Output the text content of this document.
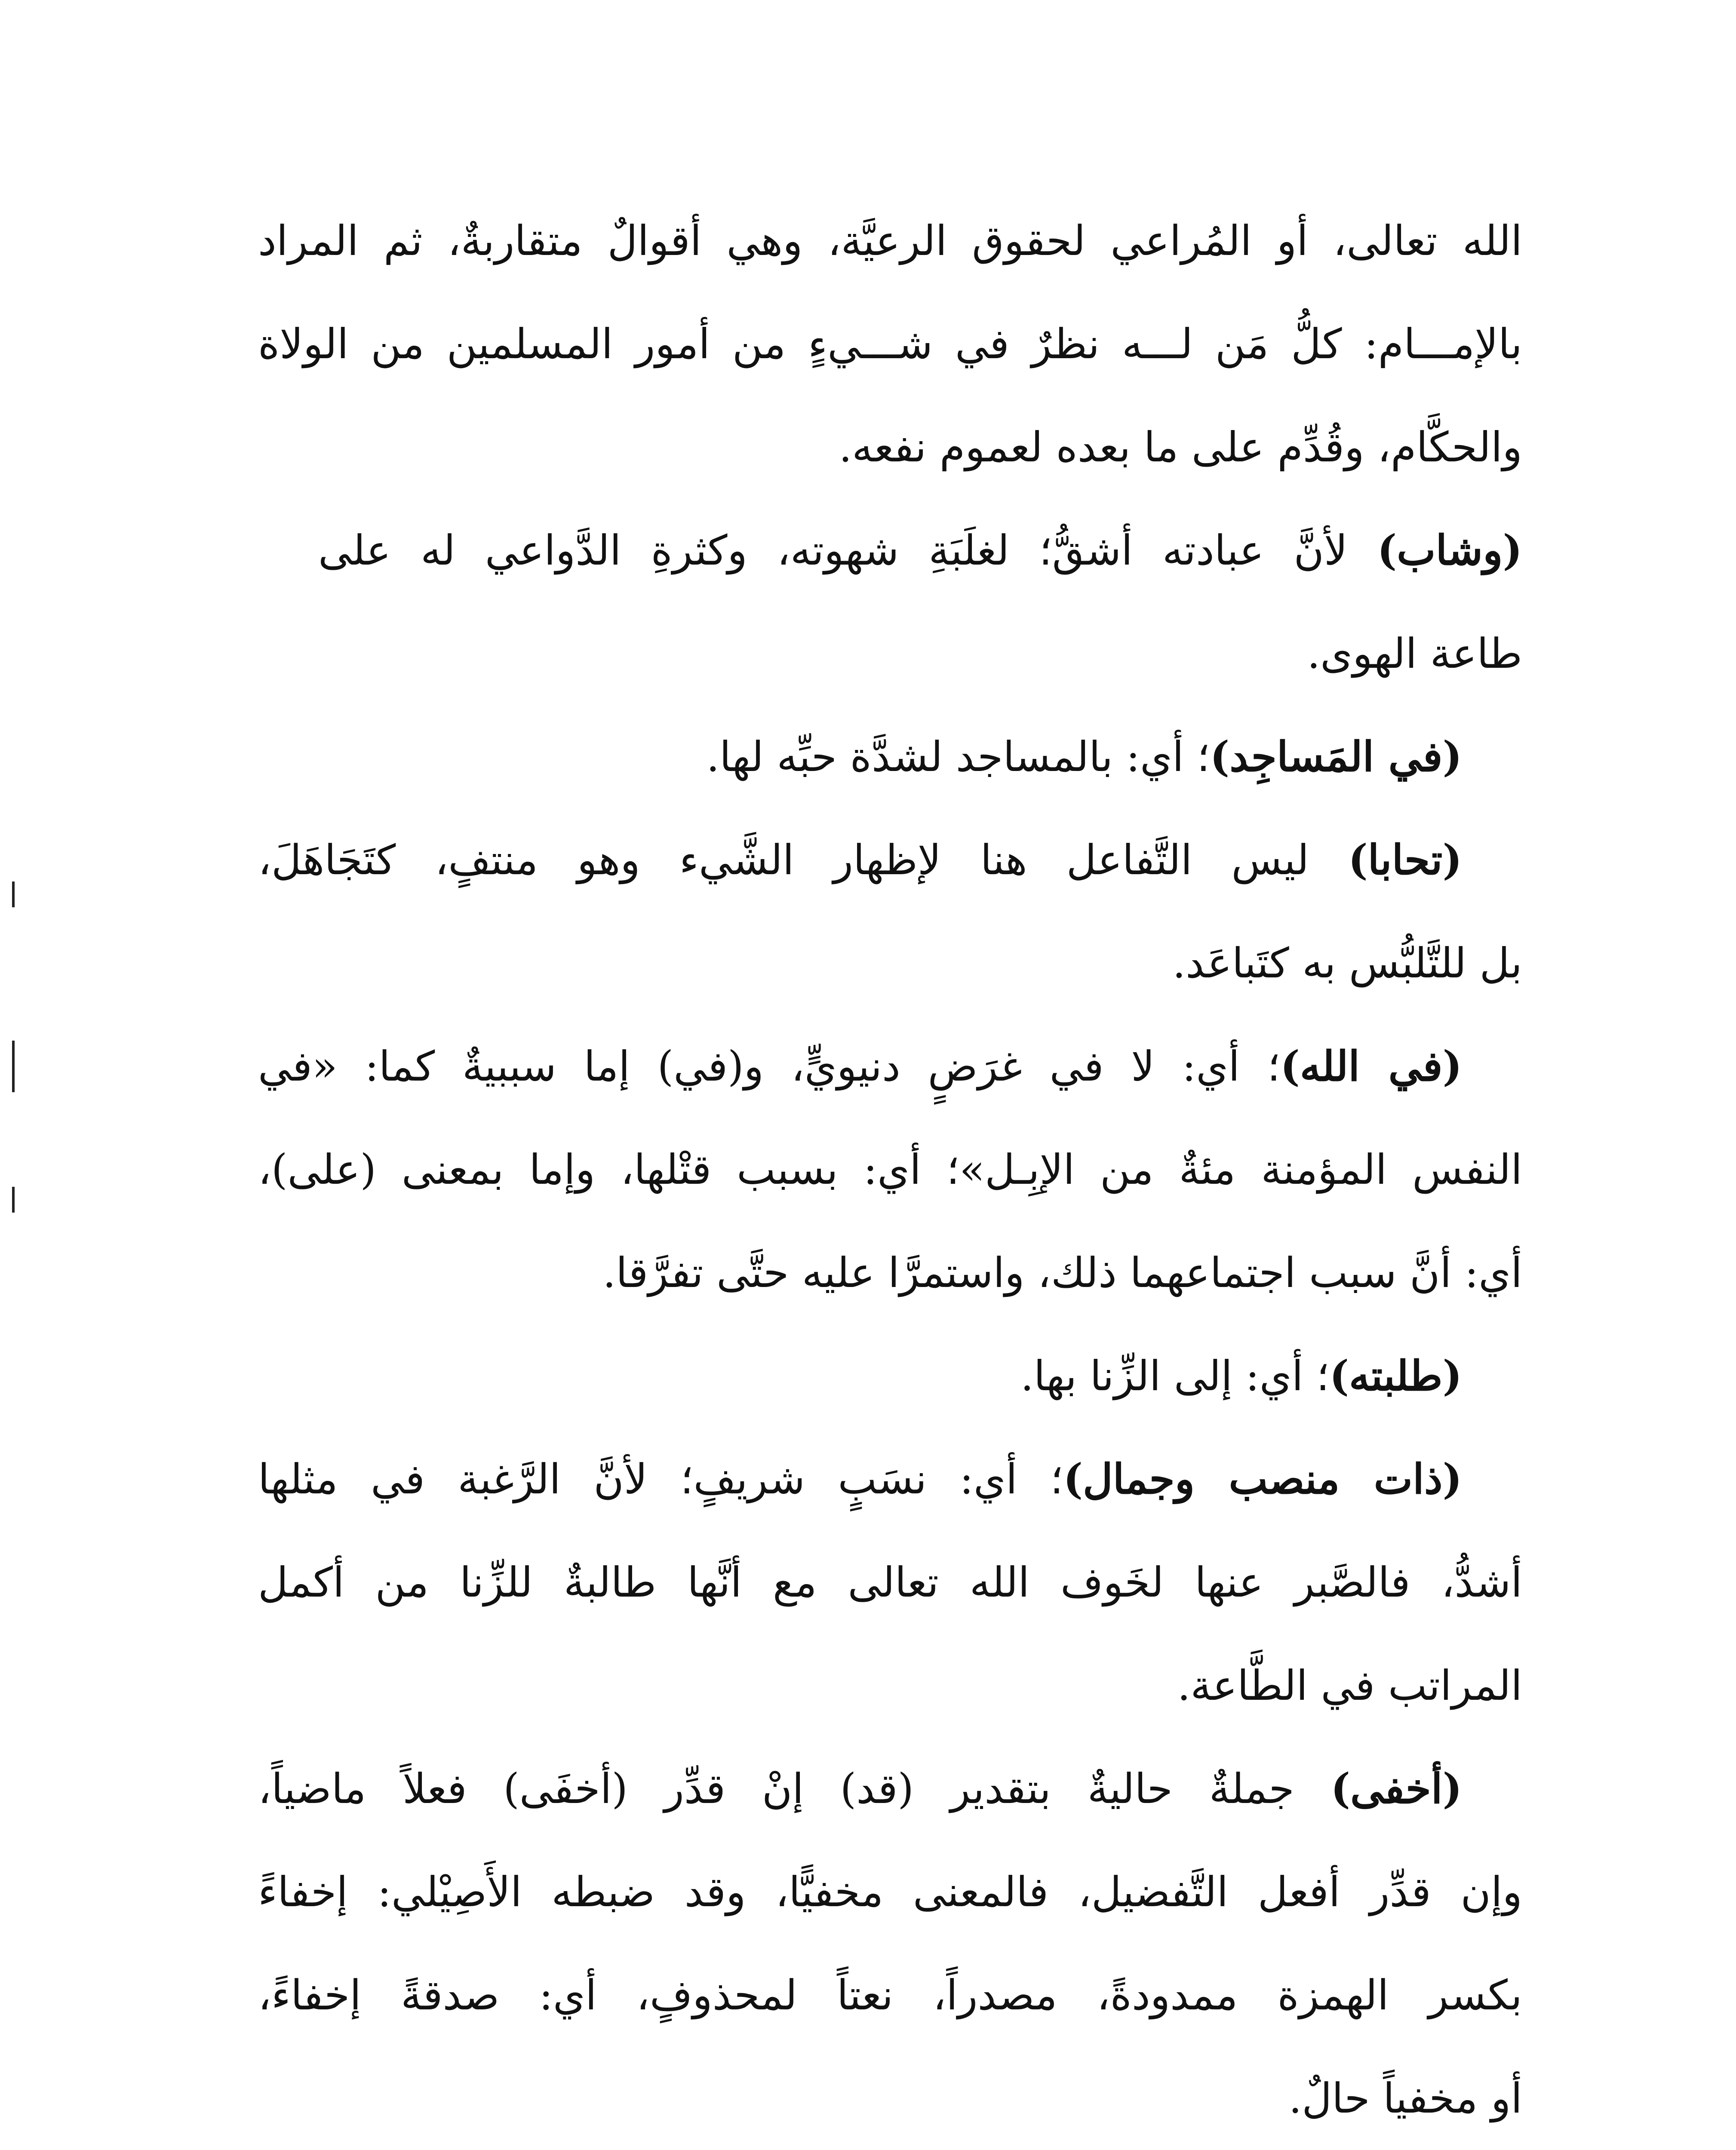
الله تعالى، أو المُراعي لحقوق الرعيَّة، وهي أقوالٌ متقاربةٌ، ثم المراد
بالإمـــام: كلُّ مَن لـــه نظرٌ في شـــيءٍ من أمور المسلمين من الولاة
والحكَّام، وقُدِّم على ما بعده لعموم نفعه.
(وشاب) لأنَّ عبادته أشقُّ؛ لغلَبَةِ شهوته، وكثرةِ الدَّواعي له على
طاعة الهوى.
(في المَساجِد)؛ أي: بالمساجد لشدَّة حبِّه لها.
(تحابا) ليس التَّفاعل هنا لإظهار الشَّيء وهو منتفٍ، كتَجَاهَلَ،
بل للتَّلبُّس به كتَباعَد.
(في الله)؛ أي: لا في غرَضٍ دنيويٍّ، و(في) إما سببيةٌ كما: «في
النفس المؤمنة مئةٌ من الإبِـل»؛ أي: بسبب قتْلها، وإما بمعنى (على)،
أي: أنَّ سبب اجتماعهما ذلك، واستمرَّا عليه حتَّى تفرَّقا.
(طلبته)؛ أي: إلى الزِّنا بها.
(ذات منصب وجمال)؛ أي: نسَبٍ شريفٍ؛ لأنَّ الرَّغبة في مثلها
أشدُّ، فالصَّبر عنها لخَوف الله تعالى مع أنَّها طالبةٌ للزِّنا من أكمل
المراتب في الطَّاعة.
(أخفى) جملةٌ حاليةٌ بتقدير (قد) إنْ قدِّر (أخفَى) فعلاً ماضياً،
وإن قدِّر أفعل التَّفضيل، فالمعنى مخفيًّا، وقد ضبطه الأَصِيْلي: إخفاءً
بكسر الهمزة ممدودةً، مصدراً، نعتاً لمحذوفٍ، أي: صدقةً إخفاءً،
أو مخفياً حالٌ.
